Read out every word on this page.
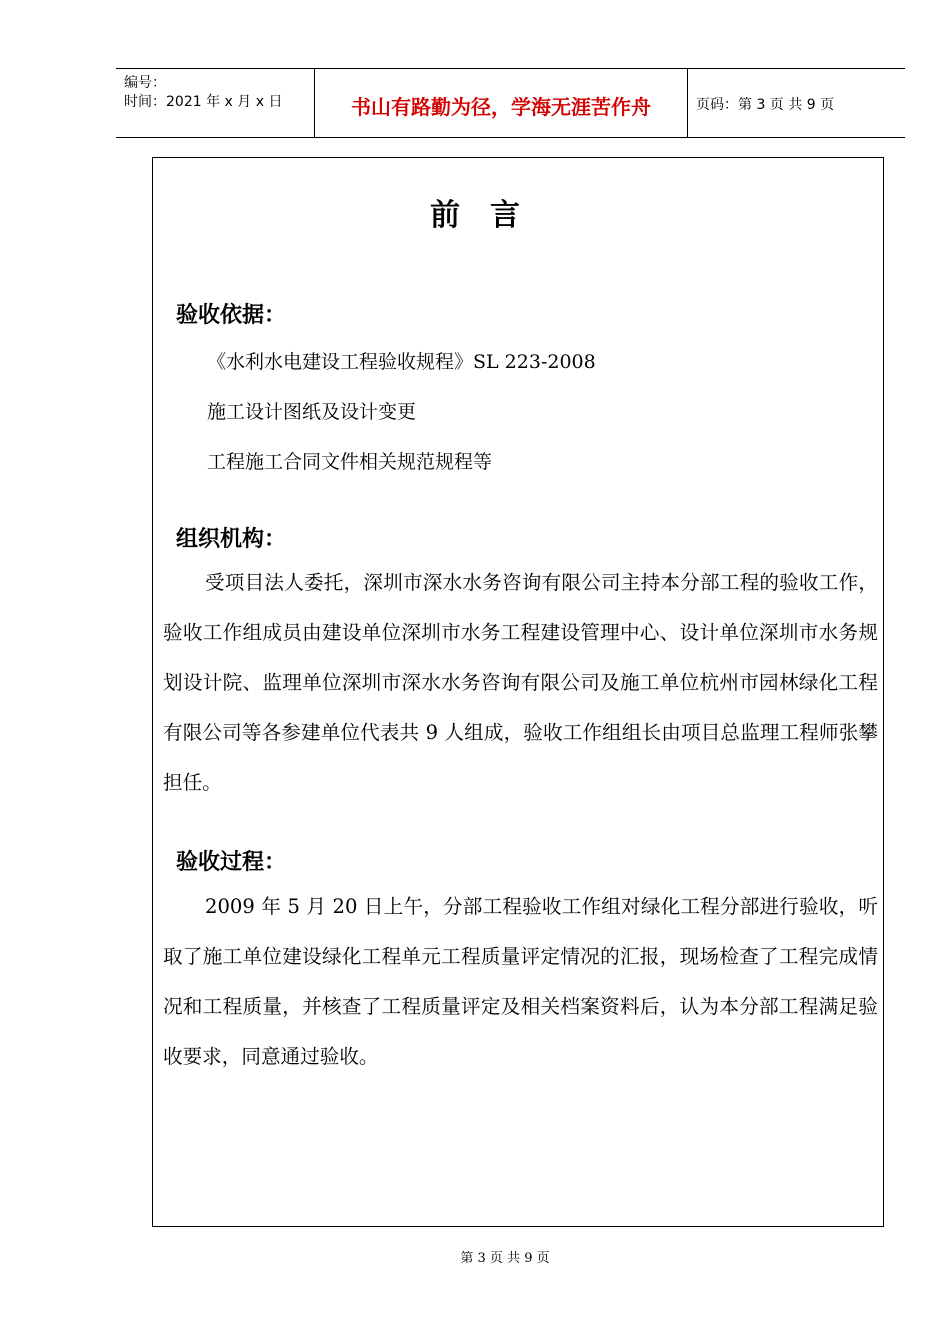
编号：
时间：2021 年 x 月 x 日	书山有路勤为径，学海无涯苦作舟	页码：第 3 页 共 9 页
前言
验收依据：
《水利水电建设工程验收规程》SL 223-2008
施工设计图纸及设计变更
工程施工合同文件相关规范规程等
组织机构：
受项目法人委托，深圳市深水水务咨询有限公司主持本分部工程的验收工作，验收工作组成员由建设单位深圳市水务工程建设管理中心、设计单位深圳市水务规划设计院、监理单位深圳市深水水务咨询有限公司及施工单位杭州市园林绿化工程有限公司等各参建单位代表共 9 人组成，验收工作组组长由项目总监理工程师张攀担任。
验收过程：
2009 年 5 月 20 日上午，分部工程验收工作组对绿化工程分部进行验收，听取了施工单位建设绿化工程单元工程质量评定情况的汇报，现场检查了工程完成情况和工程质量，并核查了工程质量评定及相关档案资料后，认为本分部工程满足验收要求，同意通过验收。
第 3 页 共 9 页
